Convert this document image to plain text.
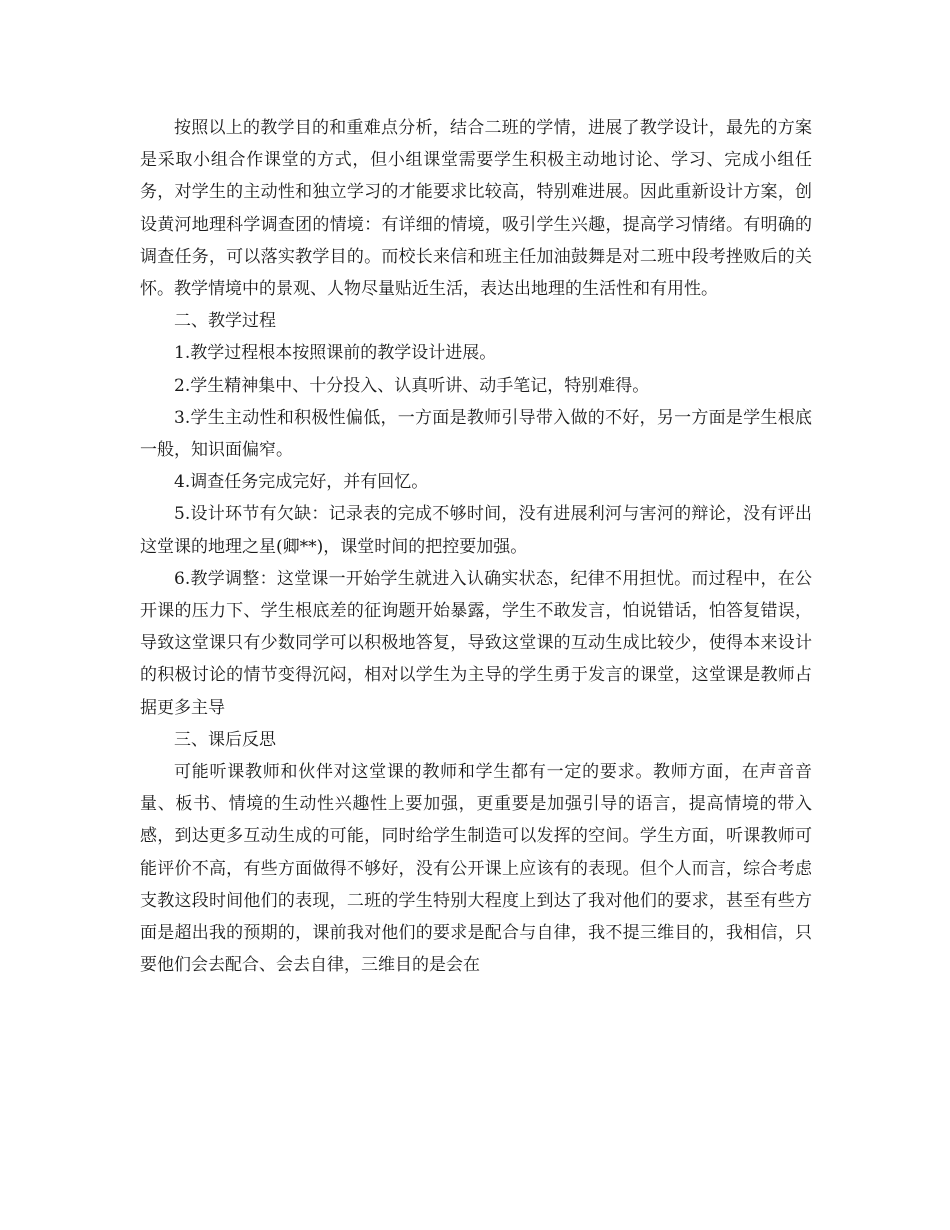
按照以上的教学目的和重难点分析，结合二班的学情，进展了教学设计，最先的方案是采取小组合作课堂的方式，但小组课堂需要学生积极主动地讨论、学习、完成小组任务，对学生的主动性和独立学习的才能要求比较高，特别难进展。因此重新设计方案，创设黄河地理科学调查团的情境：有详细的情境，吸引学生兴趣，提高学习情绪。有明确的调查任务，可以落实教学目的。而校长来信和班主任加油鼓舞是对二班中段考挫败后的关怀。教学情境中的景观、人物尽量贴近生活，表达出地理的生活性和有用性。

二、教学过程

1.教学过程根本按照课前的教学设计进展。

2.学生精神集中、十分投入、认真听讲、动手笔记，特别难得。

3.学生主动性和积极性偏低，一方面是教师引导带入做的不好，另一方面是学生根底一般，知识面偏窄。

4.调查任务完成完好，并有回忆。

5.设计环节有欠缺：记录表的完成不够时间，没有进展利河与害河的辩论，没有评出这堂课的地理之星(卿**)，课堂时间的把控要加强。

6.教学调整：这堂课一开始学生就进入认确实状态，纪律不用担忧。而过程中，在公开课的压力下、学生根底差的征询题开始暴露，学生不敢发言，怕说错话，怕答复错误，导致这堂课只有少数同学可以积极地答复，导致这堂课的互动生成比较少，使得本来设计的积极讨论的情节变得沉闷，相对以学生为主导的学生勇于发言的课堂，这堂课是教师占据更多主导

三、课后反思

可能听课教师和伙伴对这堂课的教师和学生都有一定的要求。教师方面，在声音音量、板书、情境的生动性兴趣性上要加强，更重要是加强引导的语言，提高情境的带入感，到达更多互动生成的可能，同时给学生制造可以发挥的空间。学生方面，听课教师可能评价不高，有些方面做得不够好，没有公开课上应该有的表现。但个人而言，综合考虑支教这段时间他们的表现，二班的学生特别大程度上到达了我对他们的要求，甚至有些方面是超出我的预期的，课前我对他们的要求是配合与自律，我不提三维目的，我相信，只要他们会去配合、会去自律，三维目的是会在
